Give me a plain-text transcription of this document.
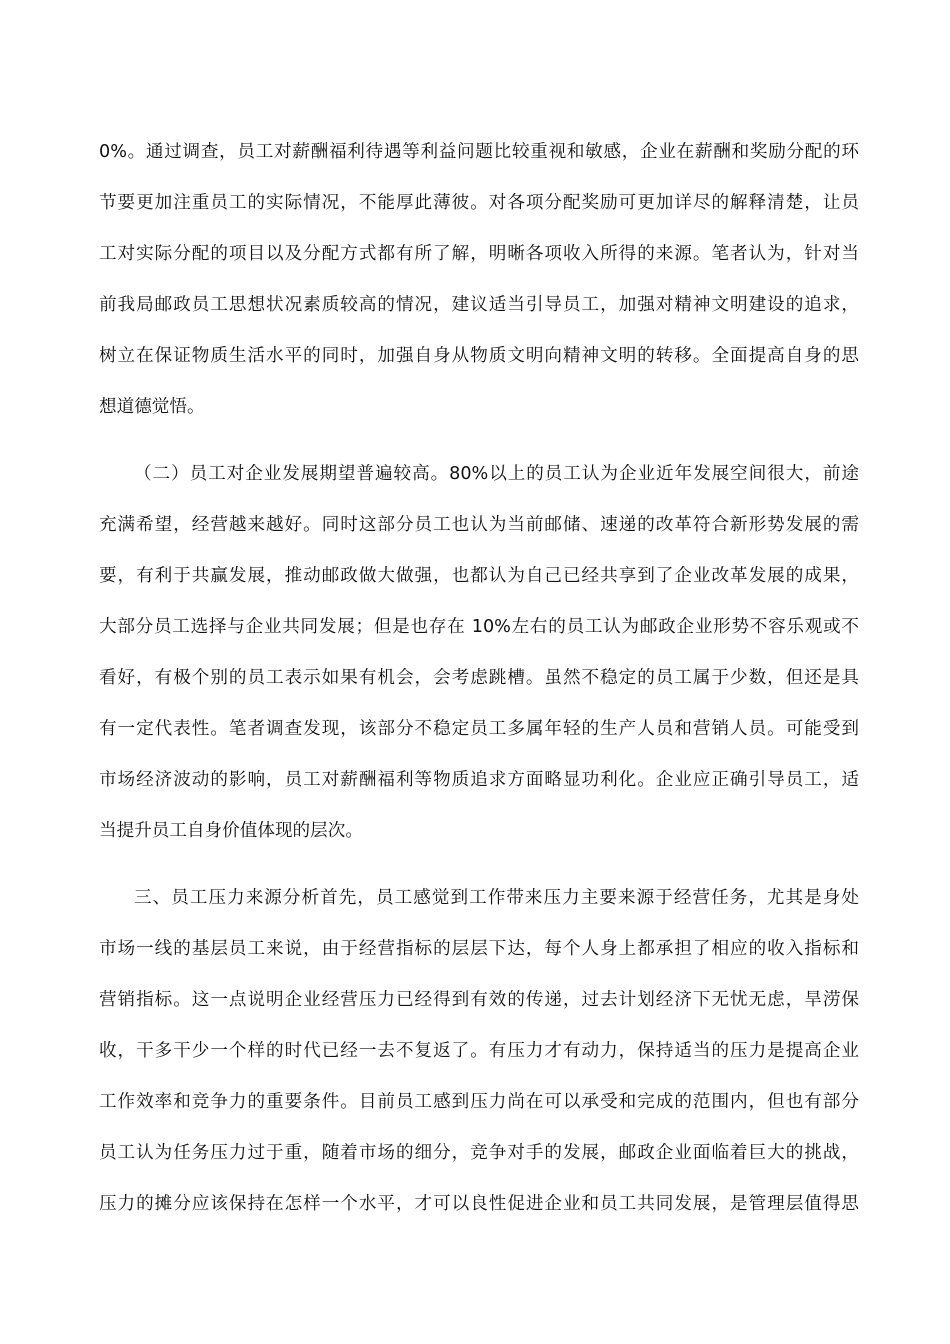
0%。通过调查，员工对薪酬福利待遇等利益问题比较重视和敏感，企业在薪酬和奖励分配的环
节要更加注重员工的实际情况，不能厚此薄彼。对各项分配奖励可更加详尽的解释清楚，让员
工对实际分配的项目以及分配方式都有所了解，明晰各项收入所得的来源。笔者认为，针对当
前我局邮政员工思想状况素质较高的情况，建议适当引导员工，加强对精神文明建设的追求，
树立在保证物质生活水平的同时，加强自身从物质文明向精神文明的转移。全面提高自身的思
想道德觉悟。
（二）员工对企业发展期望普遍较高。80%以上的员工认为企业近年发展空间很大，前途
充满希望，经营越来越好。同时这部分员工也认为当前邮储、速递的改革符合新形势发展的需
要，有利于共赢发展，推动邮政做大做强，也都认为自己已经共享到了企业改革发展的成果，
大部分员工选择与企业共同发展；但是也存在 10%左右的员工认为邮政企业形势不容乐观或不
看好，有极个别的员工表示如果有机会，会考虑跳槽。虽然不稳定的员工属于少数，但还是具
有一定代表性。笔者调查发现，该部分不稳定员工多属年轻的生产人员和营销人员。可能受到
市场经济波动的影响，员工对薪酬福利等物质追求方面略显功利化。企业应正确引导员工，适
当提升员工自身价值体现的层次。
三、员工压力来源分析首先，员工感觉到工作带来压力主要来源于经营任务，尤其是身处
市场一线的基层员工来说，由于经营指标的层层下达，每个人身上都承担了相应的收入指标和
营销指标。这一点说明企业经营压力已经得到有效的传递，过去计划经济下无忧无虑，旱涝保
收，干多干少一个样的时代已经一去不复返了。有压力才有动力，保持适当的压力是提高企业
工作效率和竞争力的重要条件。目前员工感到压力尚在可以承受和完成的范围内，但也有部分
员工认为任务压力过于重，随着市场的细分，竞争对手的发展，邮政企业面临着巨大的挑战，
压力的摊分应该保持在怎样一个水平，才可以良性促进企业和员工共同发展，是管理层值得思
